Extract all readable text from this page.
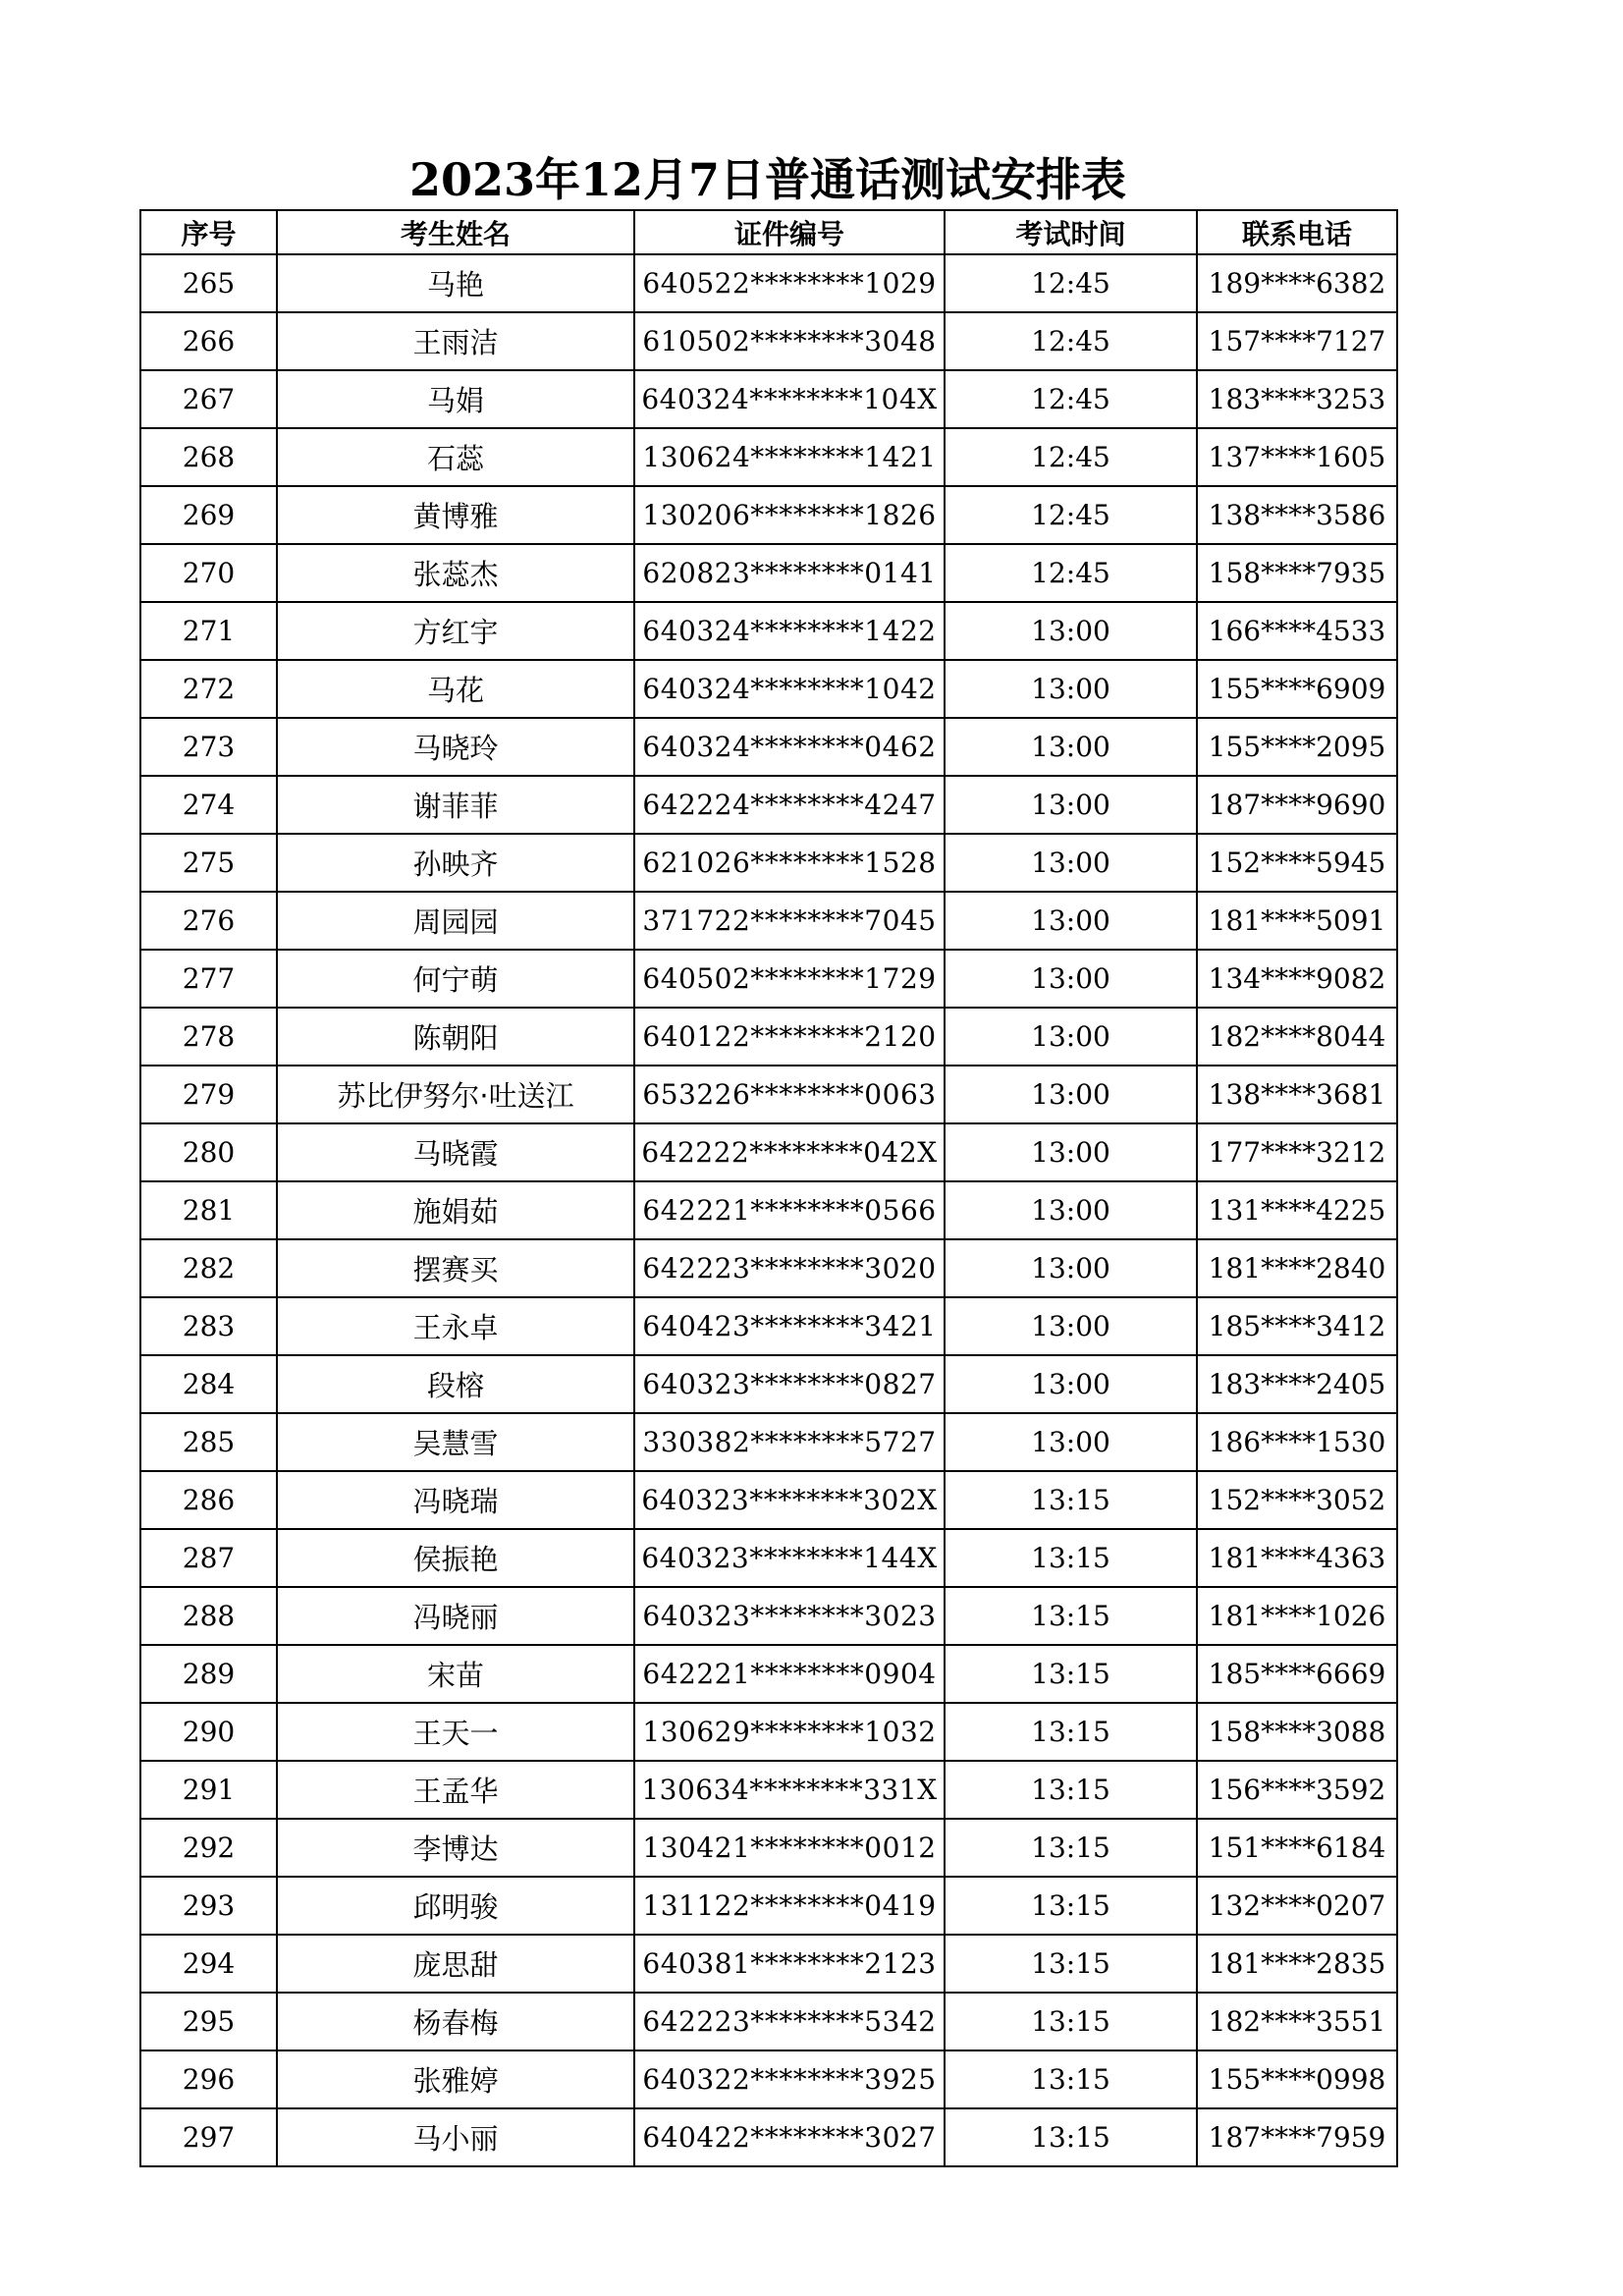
2023年12月7日普通话测试安排表
序号	考生姓名	证件编号	考试时间	联系电话
265	马艳	640522********1029	12:45	189****6382
266	王雨洁	610502********3048	12:45	157****7127
267	马娟	640324********104X	12:45	183****3253
268	石蕊	130624********1421	12:45	137****1605
269	黄博雅	130206********1826	12:45	138****3586
270	张蕊杰	620823********0141	12:45	158****7935
271	方红宇	640324********1422	13:00	166****4533
272	马花	640324********1042	13:00	155****6909
273	马晓玲	640324********0462	13:00	155****2095
274	谢菲菲	642224********4247	13:00	187****9690
275	孙映齐	621026********1528	13:00	152****5945
276	周园园	371722********7045	13:00	181****5091
277	何宁萌	640502********1729	13:00	134****9082
278	陈朝阳	640122********2120	13:00	182****8044
279	苏比伊努尔·吐送江	653226********0063	13:00	138****3681
280	马晓霞	642222********042X	13:00	177****3212
281	施娟茹	642221********0566	13:00	131****4225
282	摆赛买	642223********3020	13:00	181****2840
283	王永卓	640423********3421	13:00	185****3412
284	段榕	640323********0827	13:00	183****2405
285	吴慧雪	330382********5727	13:00	186****1530
286	冯晓瑞	640323********302X	13:15	152****3052
287	侯振艳	640323********144X	13:15	181****4363
288	冯晓丽	640323********3023	13:15	181****1026
289	宋苗	642221********0904	13:15	185****6669
290	王天一	130629********1032	13:15	158****3088
291	王孟华	130634********331X	13:15	156****3592
292	李博达	130421********0012	13:15	151****6184
293	邱明骏	131122********0419	13:15	132****0207
294	庞思甜	640381********2123	13:15	181****2835
295	杨春梅	642223********5342	13:15	182****3551
296	张雅婷	640322********3925	13:15	155****0998
297	马小丽	640422********3027	13:15	187****7959
